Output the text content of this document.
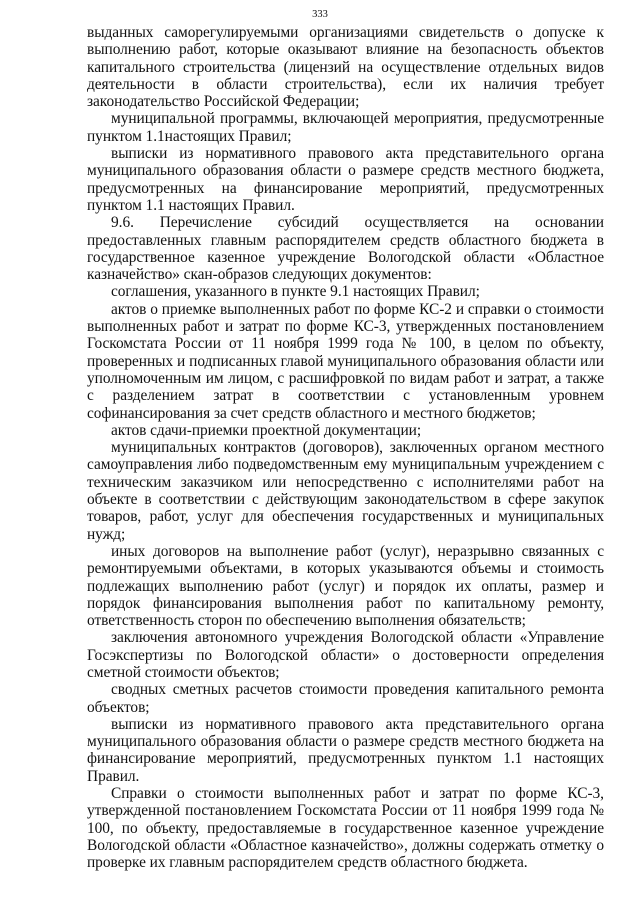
333

выданных саморегулируемыми организациями свидетельств о допуске к выполнению работ, которые оказывают влияние на безопасность объектов капитального строительства (лицензий на осуществление отдельных видов деятельности в области строительства), если их наличия требует законодательство Российской Федерации;

муниципальной программы, включающей мероприятия, предусмотренные пунктом 1.1настоящих Правил;

выписки из нормативного правового акта представительного органа муниципального образования области о размере средств местного бюджета, предусмотренных на финансирование мероприятий, предусмотренных пунктом 1.1 настоящих Правил.

9.6. Перечисление субсидий осуществляется на основании предоставленных главным распорядителем средств областного бюджета в государственное казенное учреждение Вологодской области «Областное казначейство» скан-образов следующих документов:

соглашения, указанного в пункте 9.1 настоящих Правил;

актов о приемке выполненных работ по форме КС-2 и справки о стоимости выполненных работ и затрат по форме КС-3, утвержденных постановлением Госкомстата России от 11 ноября 1999 года № 100, в целом по объекту, проверенных и подписанных главой муниципального образования области или уполномоченным им лицом, с расшифровкой по видам работ и затрат, а также с разделением затрат в соответствии с установленным уровнем софинансирования за счет средств областного и местного бюджетов;

актов сдачи-приемки проектной документации;

муниципальных контрактов (договоров), заключенных органом местного самоуправления либо подведомственным ему муниципальным учреждением с техническим заказчиком или непосредственно с исполнителями работ на объекте в соответствии с действующим законодательством в сфере закупок товаров, работ, услуг для обеспечения государственных и муниципальных нужд;

иных договоров на выполнение работ (услуг), неразрывно связанных с ремонтируемыми объектами, в которых указываются объемы и стоимость подлежащих выполнению работ (услуг) и порядок их оплаты, размер и порядок финансирования выполнения работ по капитальному ремонту, ответственность сторон по обеспечению выполнения обязательств;

заключения автономного учреждения Вологодской области «Управление Госэкспертизы по Вологодской области» о достоверности определения сметной стоимости объектов;

сводных сметных расчетов стоимости проведения капитального ремонта объектов;

выписки из нормативного правового акта представительного органа муниципального образования области о размере средств местного бюджета на финансирование мероприятий, предусмотренных пунктом 1.1 настоящих Правил.

Справки о стоимости выполненных работ и затрат по форме КС-3, утвержденной постановлением Госкомстата России от 11 ноября 1999 года № 100, по объекту, предоставляемые в государственное казенное учреждение Вологодской области «Областное казначейство», должны содержать отметку о проверке их главным распорядителем средств областного бюджета.
